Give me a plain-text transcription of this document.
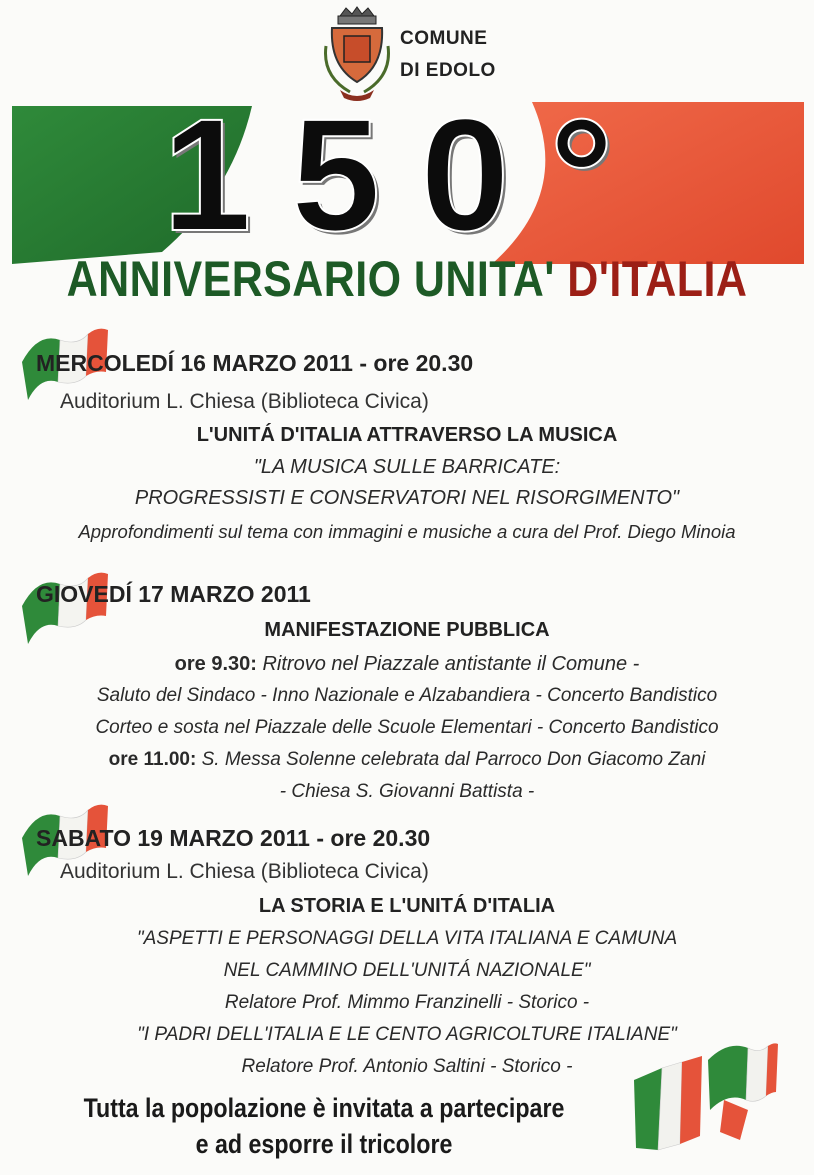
COMUNE
DI EDOLO
150°
ANNIVERSARIO UNITA' D'ITALIA
MERCOLEDÍ 16 MARZO 2011 - ore 20.30
Auditorium L. Chiesa (Biblioteca Civica)
L'UNITÁ D'ITALIA ATTRAVERSO LA MUSICA
"LA MUSICA SULLE BARRICATE:
PROGRESSISTI E CONSERVATORI NEL RISORGIMENTO"
Approfondimenti sul tema con immagini e musiche a cura del Prof. Diego Minoia
GIOVEDÍ 17 MARZO 2011
MANIFESTAZIONE PUBBLICA
ore 9.30: Ritrovo nel Piazzale antistante il Comune -
Saluto del Sindaco - Inno Nazionale e Alzabandiera - Concerto Bandistico
Corteo e sosta nel Piazzale delle Scuole Elementari - Concerto Bandistico
ore 11.00: S. Messa Solenne celebrata dal Parroco Don Giacomo Zani
- Chiesa S. Giovanni Battista -
SABATO 19 MARZO 2011 - ore 20.30
Auditorium L. Chiesa (Biblioteca Civica)
LA STORIA E L'UNITÁ D'ITALIA
"ASPETTI E PERSONAGGI DELLA VITA ITALIANA E CAMUNA
NEL CAMMINO DELL'UNITÁ NAZIONALE"
Relatore Prof. Mimmo Franzinelli - Storico -
"I PADRI DELL'ITALIA E LE CENTO AGRICOLTURE ITALIANE"
Relatore Prof. Antonio Saltini - Storico -
Tutta la popolazione è invitata a partecipare
e ad esporre il tricolore
